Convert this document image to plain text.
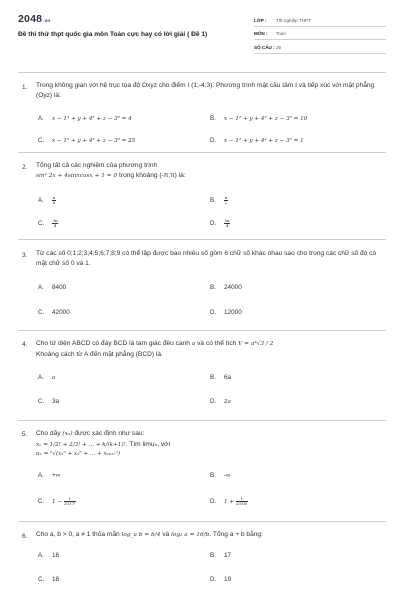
2048.vn
Đề thi thử thpt quốc gia môn Toán cực hay có lời giải ( Đề 1)
LỚP :	Tốt nghiệp THPT
MÔN :	Toán
SỐ CÂU : 26
1. Trong không gian với hệ trục tọa độ Oxyz cho điểm I (1;-4;3). Phương trình mặt cầu tâm I và tiếp xúc với mặt phẳng (Oyz) là:
A. x − 1² + y + 4² + z − 3² = 4	B. x − 1² + y + 4² + z − 3² = 10
C. x − 1² + y + 4² + z − 3² = 25	D. x − 1² + y + 4² + z − 3² = 1
2. Tổng tất cả các nghiệm của phương trình
sin² 2x + 4sinxcosx + 1 = 0 trong khoảng (-π;π) là:
A. $\frac{\pi}{4}$	B. $\frac{\pi}{2}$
C. $\frac{3\pi}{4}$	D. $\frac{5\pi}{4}$
3. Từ các số 0;1;2;3;4;5;6;7;8;9 có thể lập được bao nhiêu số gồm 6 chữ số khác nhau sao cho trong các chữ số đó có mặt chữ số 0 và 1.
A. 8400	B. 24000
C. 42000	D. 12000
4. Cho tứ diện ABCD có đáy BCD là tam giác đều cạnh a và có thể tích V = a³√3 / 2
Khoảng cách từ A đến mặt phẳng (BCD) là.
A. a	B. 6a
C. 3a	D. 2a
5. Cho dãy (xₙ) được xác định như sau:
xₙ = 1/2! + 2/3! + ... + k/(k+1)!. Tìm limuₙ, với
uₙ = ⁿ√(x₁ⁿ + x₂ⁿ + ... + x₂₀₁₇ⁿ)
A. +∞	B. -∞
C. $1 - \frac{1}{2017!}$	D. $1 + \frac{1}{2018!}$
6. Cho a, b > 0, a ≠ 1 thỏa mãn log_a b = b/4 và log₂ a = 16/b. Tổng a + b bằng:
A. 16	B. 17
C. 18	D. 19
